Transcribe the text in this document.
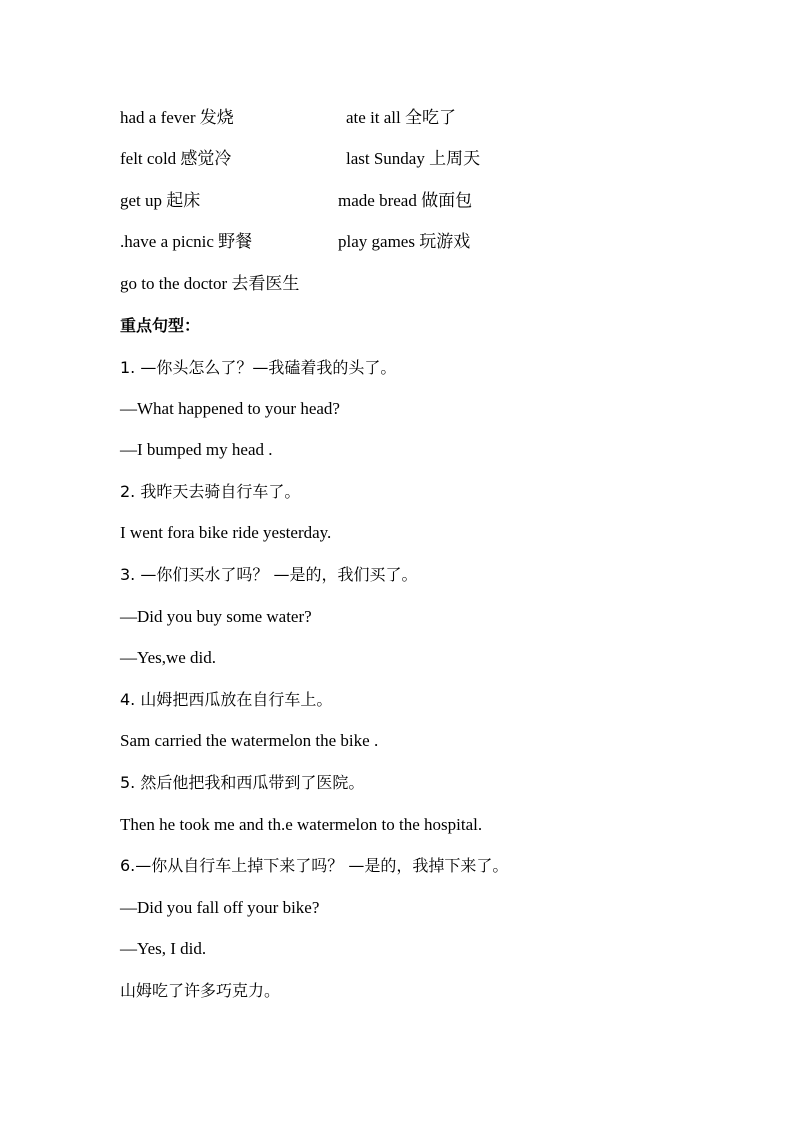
had a fever 发烧	ate it all 全吃了
felt cold 感觉冷	last Sunday 上周天
get up 起床	made bread 做面包
.have a picnic 野餐	play games 玩游戏
go to the doctor 去看医生
重点句型：
1. —你头怎么了？—我磕着我的头了。
—What happened to your head?
—I bumped my head .
2. 我昨天去骑自行车了。
I went fora bike ride yesterday.
3. —你们买水了吗？ —是的，我们买了。
—Did you buy some water?
—Yes,we did.
4. 山姆把西瓜放在自行车上。
Sam carried the watermelon the bike .
5. 然后他把我和西瓜带到了医院。
Then he took me and th.e watermelon to the hospital.
6.—你从自行车上掉下来了吗？ —是的，我掉下来了。
—Did you fall off your bike?
—Yes, I did.
山姆吃了许多巧克力。
